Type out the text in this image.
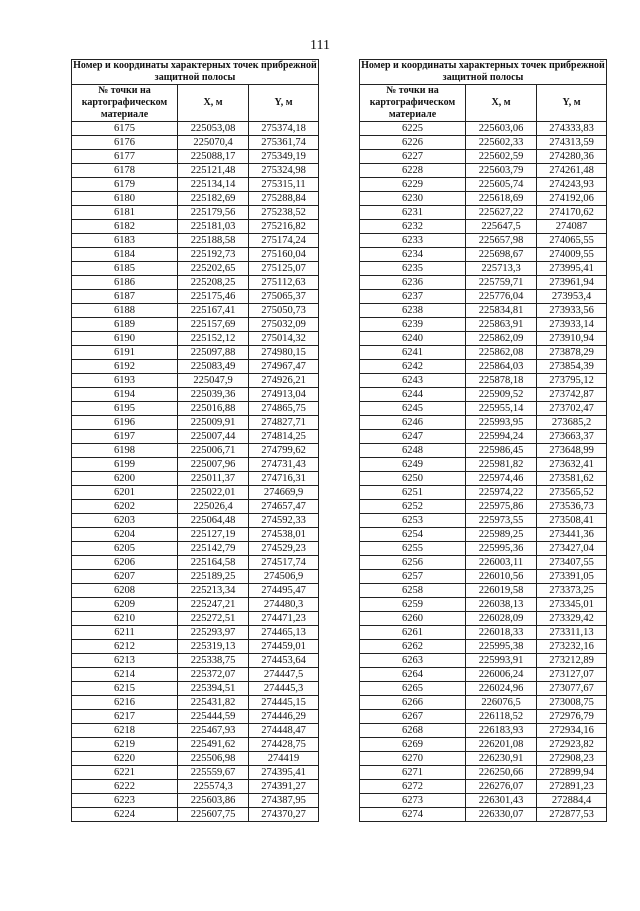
111
Номер и координаты характерных точек прибрежной защитной полосы		
№ точки на картографическом материале	X, м	Y, м
6175	225053,08	275374,18
6176	225070,4	275361,74
6177	225088,17	275349,19
6178	225121,48	275324,98
6179	225134,14	275315,11
6180	225182,69	275288,84
6181	225179,56	275238,52
6182	225181,03	275216,82
6183	225188,58	275174,24
6184	225192,73	275160,04
6185	225202,65	275125,07
6186	225208,25	275112,63
6187	225175,46	275065,37
6188	225167,41	275050,73
6189	225157,69	275032,09
6190	225152,12	275014,32
6191	225097,88	274980,15
6192	225083,49	274967,47
6193	225047,9	274926,21
6194	225039,36	274913,04
6195	225016,88	274865,75
6196	225009,91	274827,71
6197	225007,44	274814,25
6198	225006,71	274799,62
6199	225007,96	274731,43
6200	225011,37	274716,31
6201	225022,01	274669,9
6202	225026,4	274657,47
6203	225064,48	274592,33
6204	225127,19	274538,01
6205	225142,79	274529,23
6206	225164,58	274517,74
6207	225189,25	274506,9
6208	225213,34	274495,47
6209	225247,21	274480,3
6210	225272,51	274471,23
6211	225293,97	274465,13
6212	225319,13	274459,01
6213	225338,75	274453,64
6214	225372,07	274447,5
6215	225394,51	274445,3
6216	225431,82	274445,15
6217	225444,59	274446,29
6218	225467,93	274448,47
6219	225491,62	274428,75
6220	225506,98	274419
6221	225559,67	274395,41
6222	225574,3	274391,27
6223	225603,86	274387,95
6224	225607,75	274370,27
Номер и координаты характерных точек прибрежной защитной полосы		
№ точки на картографическом материале	X, м	Y, м
6225	225603,06	274333,83
6226	225602,33	274313,59
6227	225602,59	274280,36
6228	225603,79	274261,48
6229	225605,74	274243,93
6230	225618,69	274192,06
6231	225627,22	274170,62
6232	225647,5	274087
6233	225657,98	274065,55
6234	225698,67	274009,55
6235	225713,3	273995,41
6236	225759,71	273961,94
6237	225776,04	273953,4
6238	225834,81	273933,56
6239	225863,91	273933,14
6240	225862,09	273910,94
6241	225862,08	273878,29
6242	225864,03	273854,39
6243	225878,18	273795,12
6244	225909,52	273742,87
6245	225955,14	273702,47
6246	225993,95	273685,2
6247	225994,24	273663,37
6248	225986,45	273648,99
6249	225981,82	273632,41
6250	225974,46	273581,62
6251	225974,22	273565,52
6252	225975,86	273536,73
6253	225973,55	273508,41
6254	225989,25	273441,36
6255	225995,36	273427,04
6256	226003,11	273407,55
6257	226010,56	273391,05
6258	226019,58	273373,25
6259	226038,13	273345,01
6260	226028,09	273329,42
6261	226018,33	273311,13
6262	225995,38	273232,16
6263	225993,91	273212,89
6264	226006,24	273127,07
6265	226024,96	273077,67
6266	226076,5	273008,75
6267	226118,52	272976,79
6268	226183,93	272934,16
6269	226201,08	272923,82
6270	226230,91	272908,23
6271	226250,66	272899,94
6272	226276,07	272891,23
6273	226301,43	272884,4
6274	226330,07	272877,53
